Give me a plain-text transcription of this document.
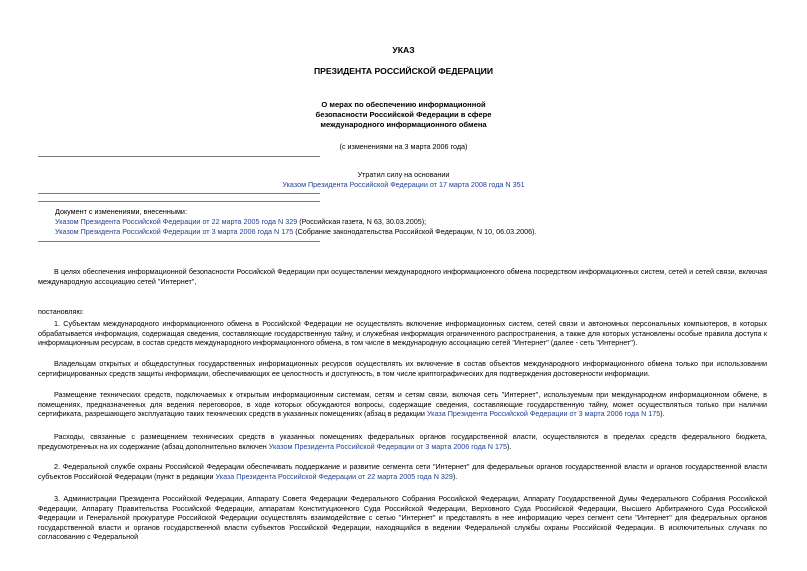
УКАЗ
ПРЕЗИДЕНТА РОССИЙСКОЙ ФЕДЕРАЦИИ
О мерах по обеспечению информационной
безопасности Российской Федерации в сфере
международного информационного обмена
(с изменениями на 3 марта 2006 года)
Утратил силу на основании
Указом Президента Российской Федерации от 17 марта 2008 года N 351
Документ с изменениями, внесенными:
Указом Президента Российской Федерации от 22 марта 2005 года N 329 (Российская газета, N 63, 30.03.2005);
Указом Президента Российской Федерации от 3 марта 2006 года N 175 (Собрание законодательства Российской Федерации, N 10, 06.03.2006).
В целях обеспечения информационной безопасности Российской Федерации при осуществлении международного информационного обмена посредством информационных систем, сетей и сетей связи, включая международную ассоциацию сетей "Интернет",
постановляю:
1. Субъектам международного информационного обмена в Российской Федерации не осуществлять включение информационных систем, сетей связи и автономных персональных компьютеров, в которых обрабатывается информация, содержащая сведения, составляющие государственную тайну, и служебная информация ограниченного распространения, а также для которых установлены особые правила доступа к информационным ресурсам, в состав средств международного информационного обмена, в том числе в международную ассоциацию сетей "Интернет" (далее - сеть "Интернет").
Владельцам открытых и общедоступных государственных информационных ресурсов осуществлять их включение в состав объектов международного информационного обмена только при использовании сертифицированных средств защиты информации, обеспечивающих ее целостность и доступность, в том числе криптографических для подтверждения достоверности информации.
Размещение технических средств, подключаемых к открытым информационным системам, сетям и сетям связи, включая сеть "Интернет", используемым при международном информационном обмене, в помещениях, предназначенных для ведения переговоров, в ходе которых обсуждаются вопросы, содержащие сведения, составляющие государственную тайну, может осуществляться только при наличии сертификата, разрешающего эксплуатацию таких технических средств в указанных помещениях (абзац в редакции Указа Президента Российской Федерации от 3 марта 2006 года N 175).
Расходы, связанные с размещением технических средств в указанных помещениях федеральных органов государственной власти, осуществляются в пределах средств федерального бюджета, предусмотренных на их содержание (абзац дополнительно включен Указом Президента Российской Федерации от 3 марта 2006 года N 175).
2. Федеральной службе охраны Российской Федерации обеспечивать поддержание и развитие сегмента сети "Интернет" для федеральных органов государственной власти и органов государственной власти субъектов Российской Федерации (пункт в редакции Указа Президента Российской Федерации от 22 марта 2005 года N 329).
3. Администрации Президента Российской Федерации, Аппарату Совета Федерации Федерального Собрания Российской Федерации, Аппарату Государственной Думы Федерального Собрания Российской Федерации, Аппарату Правительства Российской Федерации, аппаратам Конституционного Суда Российской Федерации, Верховного Суда Российской Федерации, Высшего Арбитражного Суда Российской Федерации и Генеральной прокуратуре Российской Федерации осуществлять взаимодействие с сетью "Интернет" и представлять в нее информацию через сегмент сети "Интернет" для федеральных органов государственной власти и органов государственной власти субъектов Российской Федерации, находящийся в ведении Федеральной службы охраны Российской Федерации. В исключительных случаях по согласованию с Федеральной
